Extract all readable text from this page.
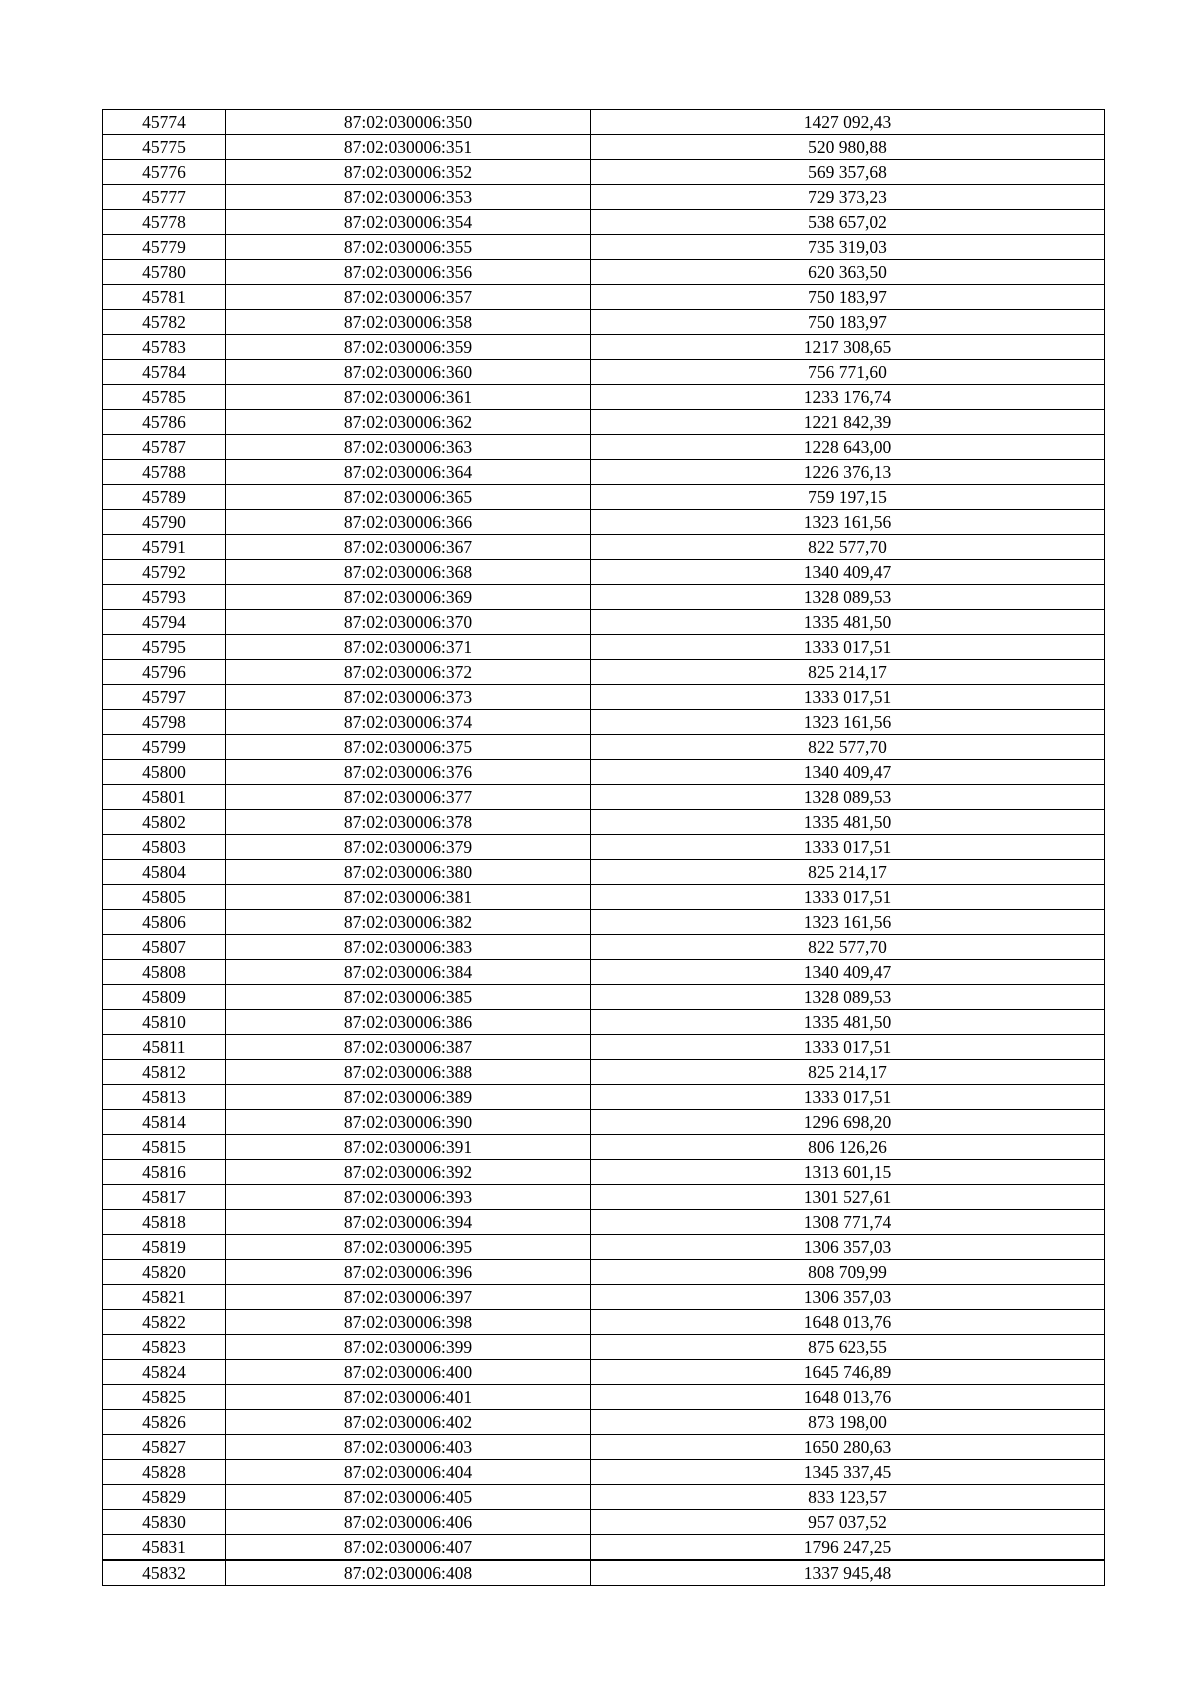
45774	87:02:030006:350	1427 092,43
45775	87:02:030006:351	520 980,88
45776	87:02:030006:352	569 357,68
45777	87:02:030006:353	729 373,23
45778	87:02:030006:354	538 657,02
45779	87:02:030006:355	735 319,03
45780	87:02:030006:356	620 363,50
45781	87:02:030006:357	750 183,97
45782	87:02:030006:358	750 183,97
45783	87:02:030006:359	1217 308,65
45784	87:02:030006:360	756 771,60
45785	87:02:030006:361	1233 176,74
45786	87:02:030006:362	1221 842,39
45787	87:02:030006:363	1228 643,00
45788	87:02:030006:364	1226 376,13
45789	87:02:030006:365	759 197,15
45790	87:02:030006:366	1323 161,56
45791	87:02:030006:367	822 577,70
45792	87:02:030006:368	1340 409,47
45793	87:02:030006:369	1328 089,53
45794	87:02:030006:370	1335 481,50
45795	87:02:030006:371	1333 017,51
45796	87:02:030006:372	825 214,17
45797	87:02:030006:373	1333 017,51
45798	87:02:030006:374	1323 161,56
45799	87:02:030006:375	822 577,70
45800	87:02:030006:376	1340 409,47
45801	87:02:030006:377	1328 089,53
45802	87:02:030006:378	1335 481,50
45803	87:02:030006:379	1333 017,51
45804	87:02:030006:380	825 214,17
45805	87:02:030006:381	1333 017,51
45806	87:02:030006:382	1323 161,56
45807	87:02:030006:383	822 577,70
45808	87:02:030006:384	1340 409,47
45809	87:02:030006:385	1328 089,53
45810	87:02:030006:386	1335 481,50
45811	87:02:030006:387	1333 017,51
45812	87:02:030006:388	825 214,17
45813	87:02:030006:389	1333 017,51
45814	87:02:030006:390	1296 698,20
45815	87:02:030006:391	806 126,26
45816	87:02:030006:392	1313 601,15
45817	87:02:030006:393	1301 527,61
45818	87:02:030006:394	1308 771,74
45819	87:02:030006:395	1306 357,03
45820	87:02:030006:396	808 709,99
45821	87:02:030006:397	1306 357,03
45822	87:02:030006:398	1648 013,76
45823	87:02:030006:399	875 623,55
45824	87:02:030006:400	1645 746,89
45825	87:02:030006:401	1648 013,76
45826	87:02:030006:402	873 198,00
45827	87:02:030006:403	1650 280,63
45828	87:02:030006:404	1345 337,45
45829	87:02:030006:405	833 123,57
45830	87:02:030006:406	957 037,52
45831	87:02:030006:407	1796 247,25
45832	87:02:030006:408	1337 945,48
